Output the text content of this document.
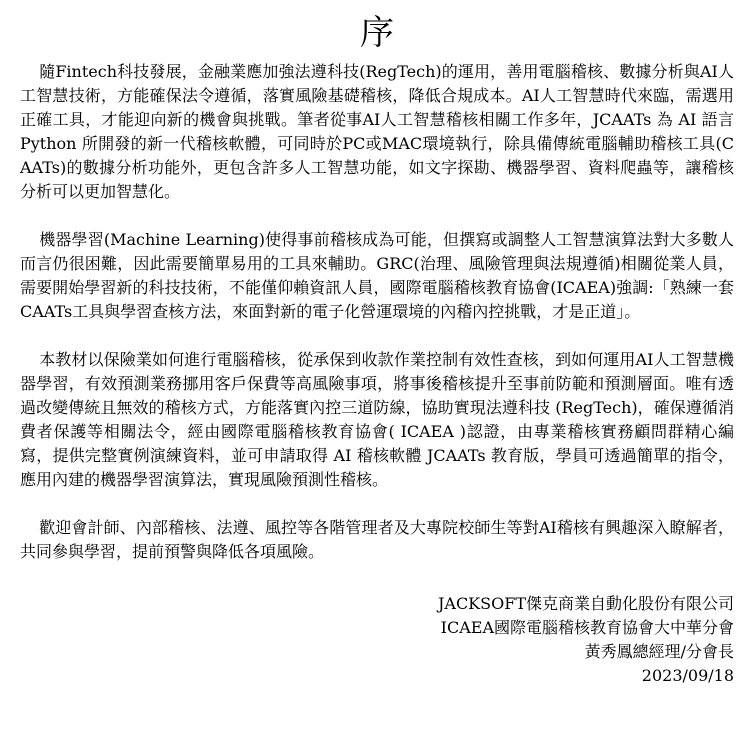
序

隨Fintech科技發展，金融業應加強法遵科技(RegTech)的運用，善用電腦稽核、數據分析與AI人工智慧技術，方能確保法令遵循，落實風險基礎稽核，降低合規成本。AI人工智慧時代來臨，需選用正確工具，才能迎向新的機會與挑戰。筆者從事AI人工智慧稽核相關工作多年，JCAATs 為 AI 語言 Python 所開發的新一代稽核軟體，可同時於PC或MAC環境執行，除具備傳統電腦輔助稽核工具(CAATs)的數據分析功能外，更包含許多人工智慧功能，如文字探勘、機器學習、資料爬蟲等，讓稽核分析可以更加智慧化。

機器學習(Machine Learning)使得事前稽核成為可能，但撰寫或調整人工智慧演算法對大多數人而言仍很困難，因此需要簡單易用的工具來輔助。GRC(治理、風險管理與法規遵循)相關從業人員，需要開始學習新的科技技術，不能僅仰賴資訊人員，國際電腦稽核教育協會(ICAEA)強調:「熟練一套CAATs工具與學習查核方法，來面對新的電子化營運環境的內稽內控挑戰，才是正道」。

本教材以保險業如何進行電腦稽核，從承保到收款作業控制有效性查核，到如何運用AI人工智慧機器學習，有效預測業務挪用客戶保費等高風險事項，將事後稽核提升至事前防範和預測層面。唯有透過改變傳統且無效的稽核方式，方能落實內控三道防線，協助實現法遵科技 (RegTech)，確保遵循消費者保護等相關法令，經由國際電腦稽核教育協會( ICAEA )認證，由專業稽核實務顧問群精心編寫，提供完整實例演練資料，並可申請取得 AI 稽核軟體 JCAATs 教育版，學員可透過簡單的指令，應用內建的機器學習演算法，實現風險預測性稽核。

歡迎會計師、內部稽核、法遵、風控等各階管理者及大專院校師生等對AI稽核有興趣深入瞭解者，共同參與學習，提前預警與降低各項風險。

JACKSOFT傑克商業自動化股份有限公司
ICAEA國際電腦稽核教育協會大中華分會
黃秀鳳總經理/分會長
2023/09/18
